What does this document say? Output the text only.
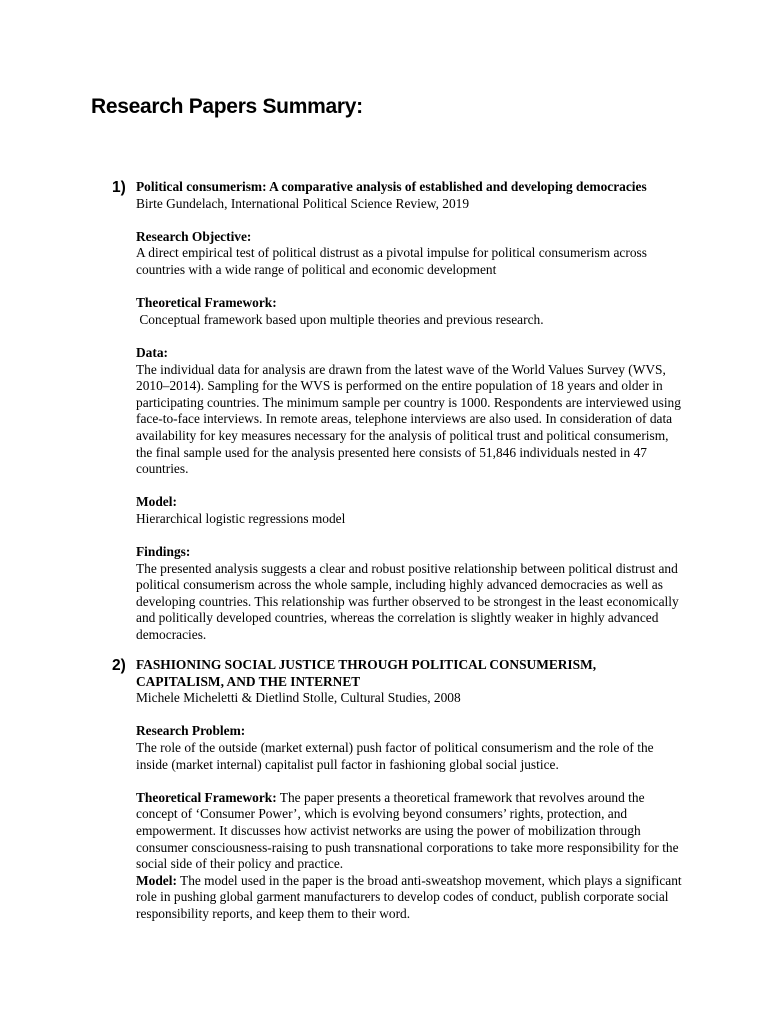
Research Papers Summary:
1) Political consumerism: A comparative analysis of established and developing democracies

Birte Gundelach, International Political Science Review, 2019

Research Objective:
A direct empirical test of political distrust as a pivotal impulse for political consumerism across countries with a wide range of political and economic development
Theoretical Framework:
Conceptual framework based upon multiple theories and previous research.
Data:
The individual data for analysis are drawn from the latest wave of the World Values Survey (WVS, 2010–2014). Sampling for the WVS is performed on the entire population of 18 years and older in participating countries. The minimum sample per country is 1000. Respondents are interviewed using face-to-face interviews. In remote areas, telephone interviews are also used. In consideration of data availability for key measures necessary for the analysis of political trust and political consumerism, the final sample used for the analysis presented here consists of 51,846 individuals nested in 47 countries.
Model:
Hierarchical logistic regressions model
Findings:
The presented analysis suggests a clear and robust positive relationship between political distrust and political consumerism across the whole sample, including highly advanced democracies as well as developing countries. This relationship was further observed to be strongest in the least economically and politically developed countries, whereas the correlation is slightly weaker in highly advanced democracies.
2) FASHIONING SOCIAL JUSTICE THROUGH POLITICAL CONSUMERISM, CAPITALISM, AND THE INTERNET

Michele Micheletti & Dietlind Stolle, Cultural Studies, 2008

Research Problem:
The role of the outside (market external) push factor of political consumerism and the role of the inside (market internal) capitalist pull factor in fashioning global social justice.
Theoretical Framework: The paper presents a theoretical framework that revolves around the concept of ‘Consumer Power’, which is evolving beyond consumers’ rights, protection, and empowerment. It discusses how activist networks are using the power of mobilization through consumer consciousness-raising to push transnational corporations to take more responsibility for the social side of their policy and practice.
Model: The model used in the paper is the broad anti-sweatshop movement, which plays a significant role in pushing global garment manufacturers to develop codes of conduct, publish corporate social responsibility reports, and keep them to their word.
